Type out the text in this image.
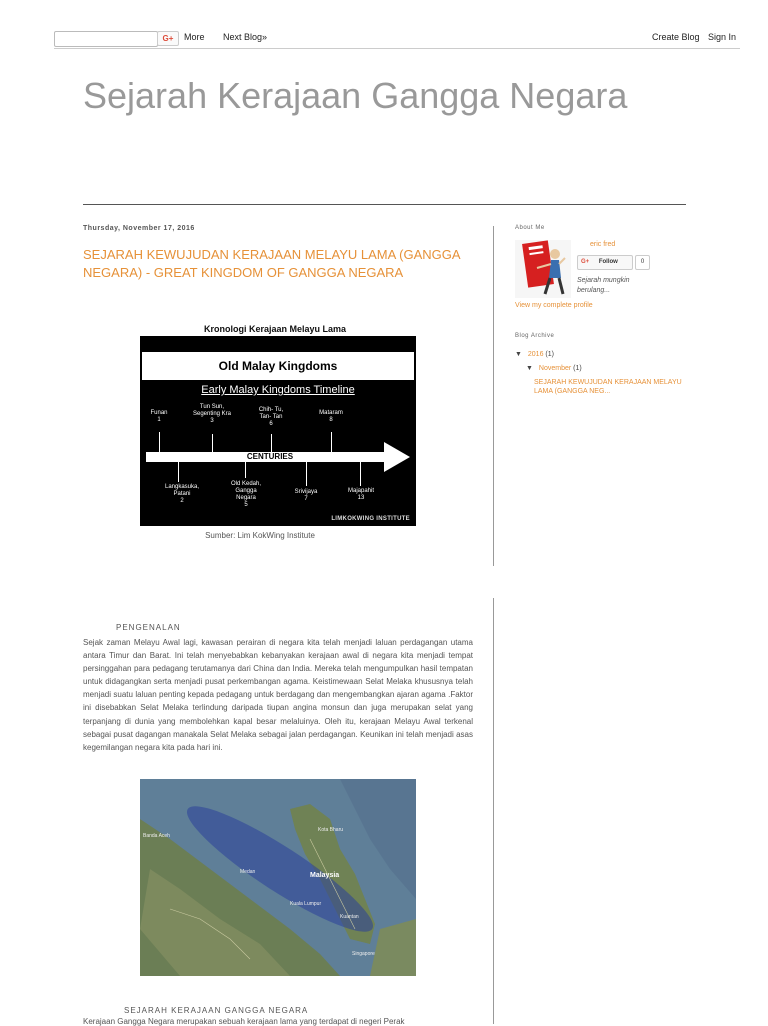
G+	More Next Blog»	Create Blog Sign In
Sejarah Kerajaan Gangga Negara
Thursday, November 17, 2016
SEJARAH KEWUJUDAN KERAJAAN MELAYU LAMA (GANGGA NEGARA) - GREAT KINGDOM OF GANGGA NEGARA
Kronologi Kerajaan Melayu Lama
Old Malay Kingdoms
Early Malay Kingdoms Timeline
Funan
1
Tun Sun,
Segenting Kra
3
Chih- Tu,
Tan- Tan
6
Mataram
8
CENTURIES
Langkasuka,
Patani
2
Old Kedah,
Gangga
Negara
5
Srivijaya
7
Majapahit
13
LIMKOKWING INSTITUTE
Sumber: Lim KokWing Institute
PENGENALAN

Sejak zaman Melayu Awal lagi, kawasan perairan di negara kita telah menjadi laluan perdagangan utama antara Timur dan Barat. Ini telah menyebabkan kebanyakan kerajaan awal di negara kita menjadi tempat persinggahan para pedagang terutamanya dari China dan India. Mereka telah mengumpulkan hasil tempatan untuk didagangkan serta menjadi pusat perkembangan agama. Keistimewaan Selat Melaka khususnya telah menjadi suatu laluan penting kepada pedagang untuk berdagang dan mengembangkan ajaran agama .Faktor ini disebabkan Selat Melaka terlindung daripada tiupan angina monsun dan juga merupakan selat yang terpanjang di dunia yang membolehkan kapal besar melaluinya. Oleh itu, kerajaan Melayu Awal terkenal sebagai pusat dagangan manakala Selat Melaka sebagai jalan perdagangan. Keunikan ini telah menjadi asas kegemilangan negara kita pada hari ini.

Malaysia
Banda Aceh
Medan
Kuala Lumpur
Singapore
Kota Bharu
Kuantan
SEJARAH KERAJAAN GANGGA NEGARA
Kerajaan Gangga Negara merupakan sebuah kerajaan lama yang terdapat di negeri Perak
About Me
eric fred
G+ Follow	0
Sejarah mungkin berulang...
View my complete profile
Blog Archive
▼ 2016 (1)
▼ November (1)
SEJARAH KEWUJUDAN KERAJAAN MELAYU LAMA (GANGGA NEG...
